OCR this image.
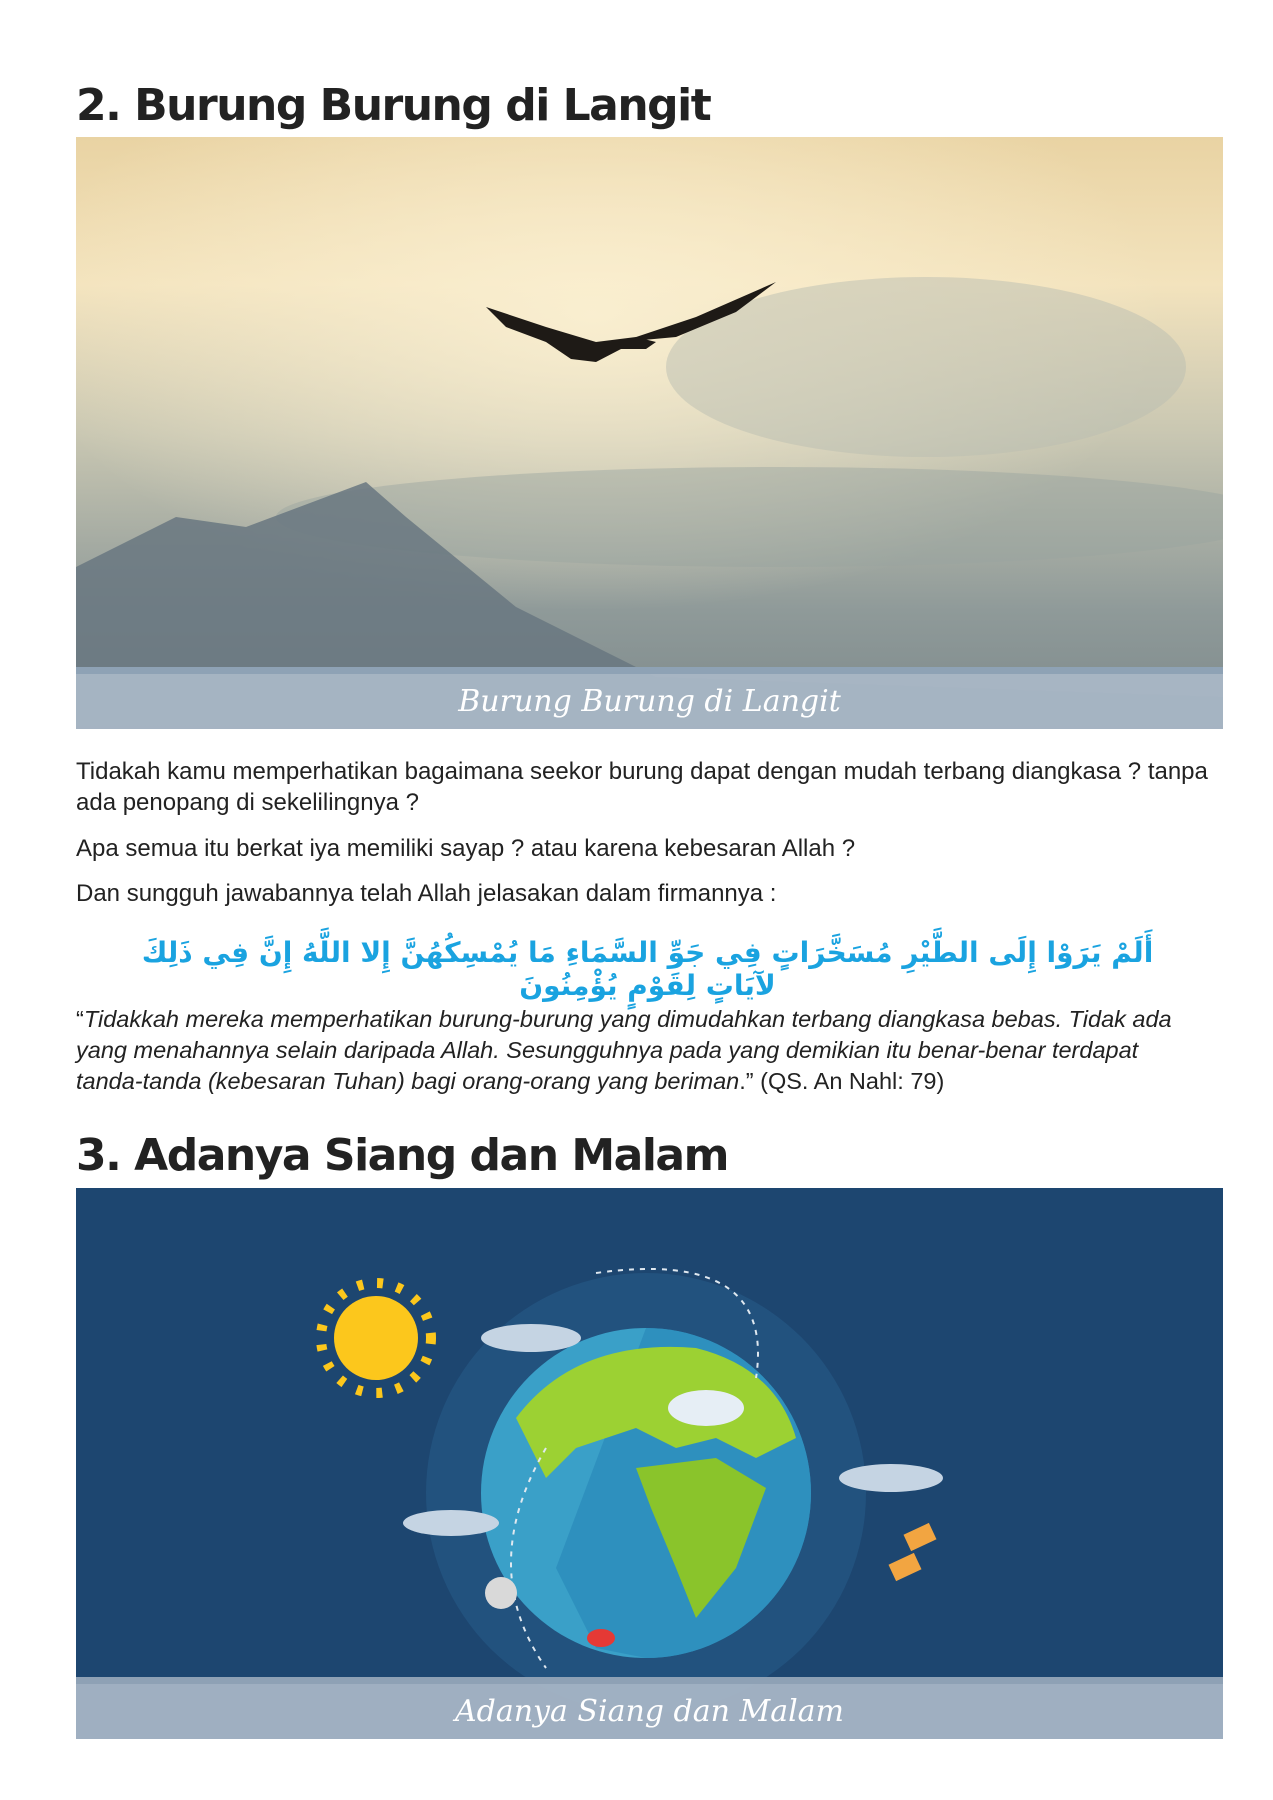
2. Burung Burung di Langit
Burung Burung di Langit

Tidakah kamu memperhatikan bagaimana seekor burung dapat dengan mudah terbang diangkasa ? tanpa ada penopang di sekelilingnya ?

Apa semua itu berkat iya memiliki sayap ? atau karena kebesaran Allah ?

Dan sungguh jawabannya telah Allah jelasakan dalam firmannya :

أَلَمْ يَرَوْا إِلَى الطَّيْرِ مُسَخَّرَاتٍ فِي جَوِّ السَّمَاءِ مَا يُمْسِكُهُنَّ إِلا اللَّهُ إِنَّ فِي ذَلِكَ لآيَاتٍ لِقَوْمٍ يُؤْمِنُونَ

“Tidakkah mereka memperhatikan burung-burung yang dimudahkan terbang diangkasa bebas. Tidak ada yang menahannya selain daripada Allah. Sesungguhnya pada yang demikian itu benar-benar terdapat tanda-tanda (kebesaran Tuhan) bagi orang-orang yang beriman.” (QS. An Nahl: 79)

3. Adanya Siang dan Malam
Adanya Siang dan Malam
